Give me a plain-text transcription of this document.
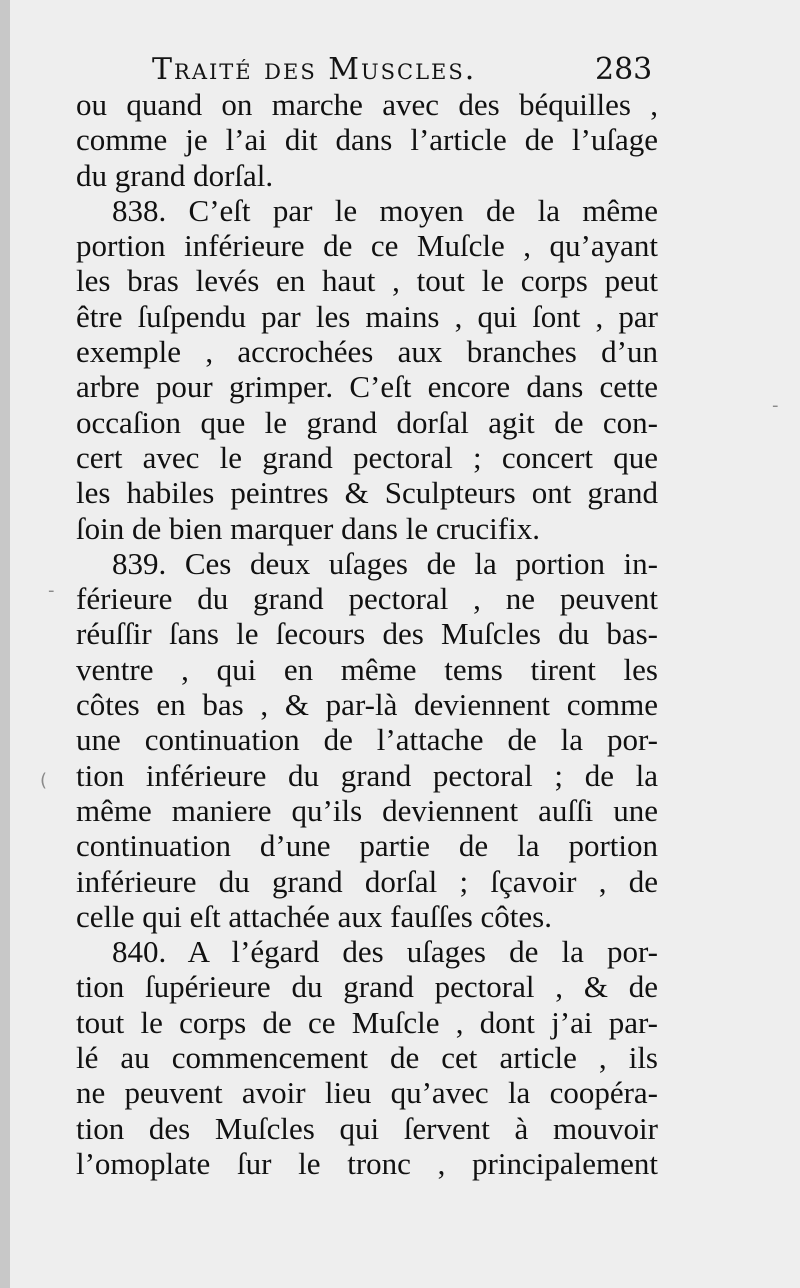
Traité des Muscles.	283
ou quand on marche avec des béquilles ,
comme je l’ai dit dans l’article de l’uſage
du grand dorſal.
838. C’eſt par le moyen de la même
portion inférieure de ce Muſcle , qu’ayant
les bras levés en haut , tout le corps peut
être ſuſpendu par les mains , qui ſont , par
exemple , accrochées aux branches d’un
arbre pour grimper. C’eſt encore dans cette
occaſion que le grand dorſal agit de con-
cert avec le grand pectoral ; concert que
les habiles peintres & Sculpteurs ont grand
ſoin de bien marquer dans le crucifix.
839. Ces deux uſages de la portion in-
férieure du grand pectoral , ne peuvent
réuſſir ſans le ſecours des Muſcles du bas-
ventre , qui en même tems tirent les
côtes en bas , & par-là deviennent comme
une continuation de l’attache de la por-
tion inférieure du grand pectoral ; de la
même maniere qu’ils deviennent auſſi une
continuation d’une partie de la portion
inférieure du grand dorſal ; ſçavoir , de
celle qui eſt attachée aux fauſſes côtes.
840. A l’égard des uſages de la por-
tion ſupérieure du grand pectoral , & de
tout le corps de ce Muſcle , dont j’ai par-
lé au commencement de cet article , ils
ne peuvent avoir lieu qu’avec la coopéra-
tion des Muſcles qui ſervent à mouvoir
l’omoplate ſur le tronc , principalement
-
(
-
